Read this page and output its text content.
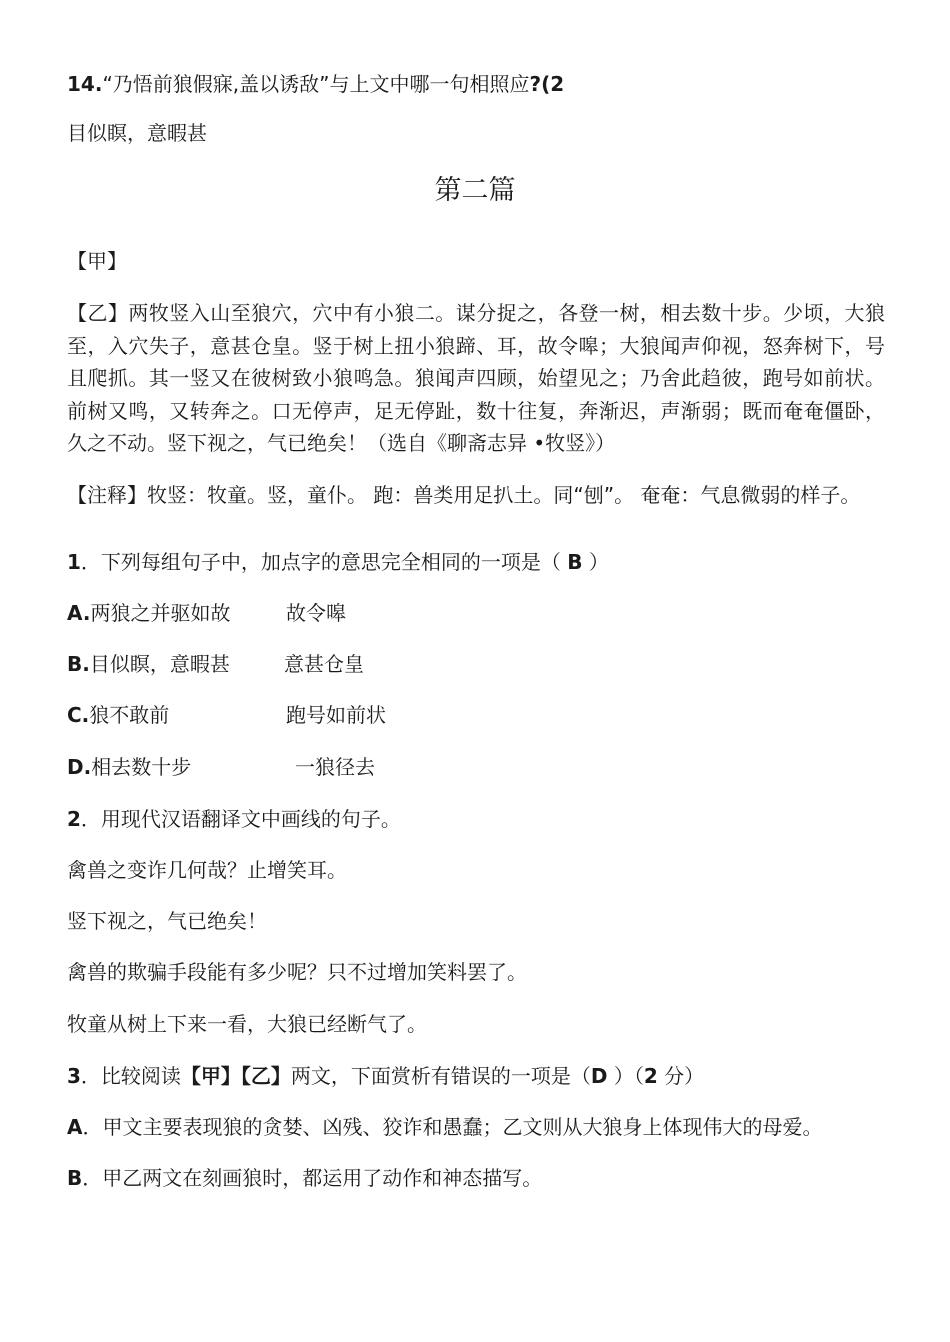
14.“乃悟前狼假寐,盖以诱敌”与上文中哪一句相照应?(2
目似瞑，意暇甚
第二篇
【甲】
【乙】两牧竖入山至狼穴，穴中有小狼二。谋分捉之，各登一树，相去数十步。少顷，大狼至，入穴失子，意甚仓皇。竖于树上扭小狼蹄、耳，故令嗥；大狼闻声仰视，怒奔树下，号且爬抓。其一竖又在彼树致小狼鸣急。狼闻声四顾，始望见之；乃舍此趋彼，跑号如前状。前树又鸣，又转奔之。口无停声，足无停趾，数十往复，奔渐迟，声渐弱；既而奄奄僵卧，久之不动。竖下视之，气已绝矣！（选自《聊斋志异 •牧竖》）
【注释】牧竖：牧童。竖，童仆。 跑：兽类用足扒土。同“刨”。 奄奄：气息微弱的样子。
1．下列每组句子中，加点字的意思完全相同的一项是（ B ）
A.两狼之并驱如故	故令嗥
B.目似瞑，意暇甚	意甚仓皇
C.狼不敢前	跑号如前状
D.相去数十步	一狼径去
2．用现代汉语翻译文中画线的句子。
禽兽之变诈几何哉？止增笑耳。
竖下视之，气已绝矣！
禽兽的欺骗手段能有多少呢？只不过增加笑料罢了。
牧童从树上下来一看，大狼已经断气了。
3．比较阅读【甲】【乙】两文，下面赏析有错误的一项是（D ）（2 分）
A．甲文主要表现狼的贪婪、凶残、狡诈和愚蠢；乙文则从大狼身上体现伟大的母爱。
B．甲乙两文在刻画狼时，都运用了动作和神态描写。
